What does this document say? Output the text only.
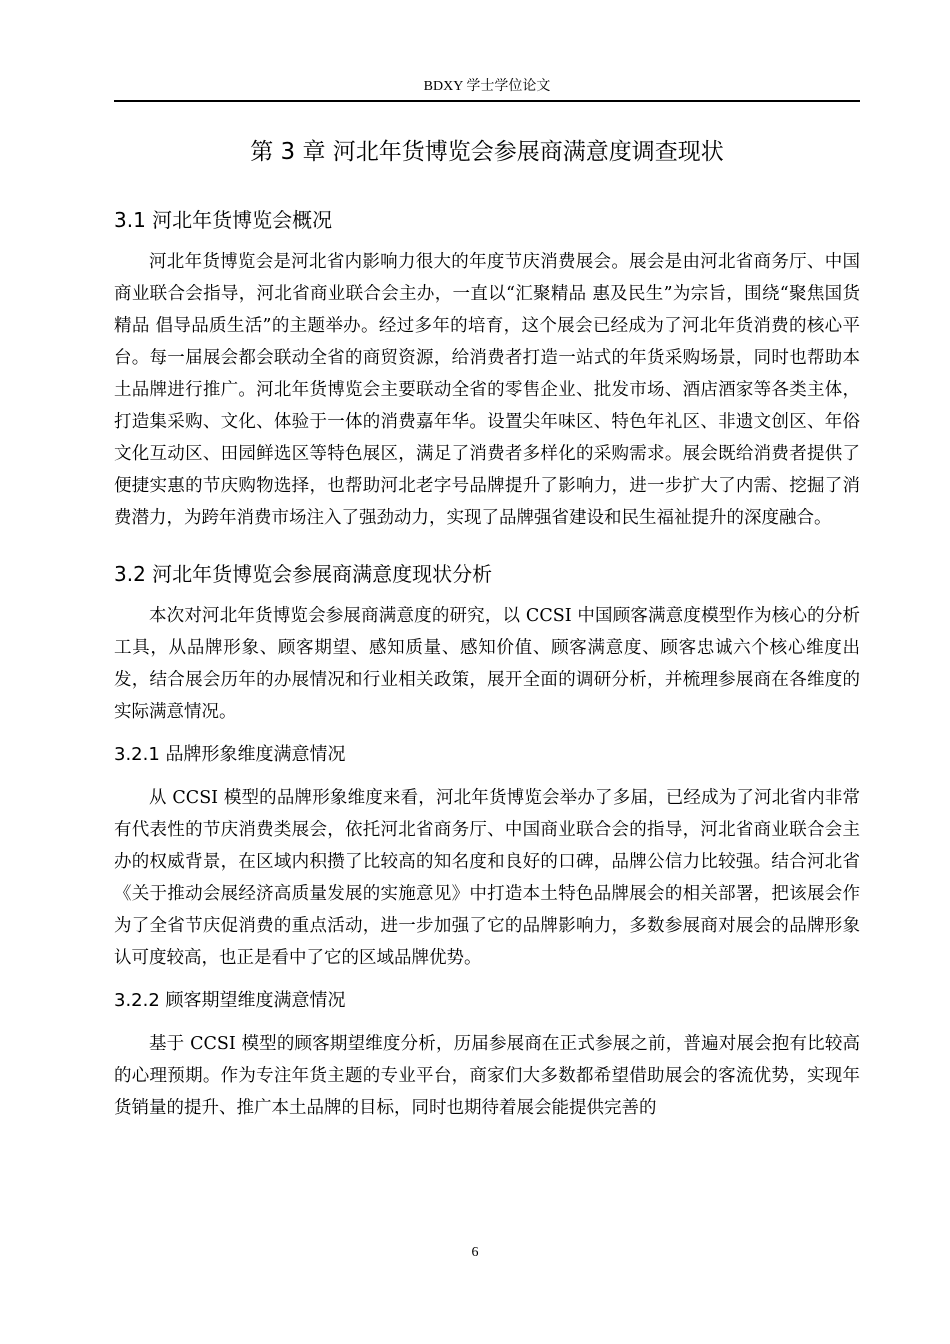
BDXY 学士学位论文
第 3 章 河北年货博览会参展商满意度调查现状
3.1 河北年货博览会概况

河北年货博览会是河北省内影响力很大的年度节庆消费展会。展会是由河北省商务厅、中国商业联合会指导，河北省商业联合会主办，一直以“汇聚精品 惠及民生”为宗旨，围绕“聚焦国货精品 倡导品质生活”的主题举办。经过多年的培育，这个展会已经成为了河北年货消费的核心平台。每一届展会都会联动全省的商贸资源，给消费者打造一站式的年货采购场景，同时也帮助本土品牌进行推广。河北年货博览会主要联动全省的零售企业、批发市场、酒店酒家等各类主体，打造集采购、文化、体验于一体的消费嘉年华。设置尖年味区、特色年礼区、非遗文创区、年俗文化互动区、田园鲜选区等特色展区，满足了消费者多样化的采购需求。展会既给消费者提供了便捷实惠的节庆购物选择，也帮助河北老字号品牌提升了影响力，进一步扩大了内需、挖掘了消费潜力，为跨年消费市场注入了强劲动力，实现了品牌强省建设和民生福祉提升的深度融合。

3.2 河北年货博览会参展商满意度现状分析

本次对河北年货博览会参展商满意度的研究，以 CCSI 中国顾客满意度模型作为核心的分析工具，从品牌形象、顾客期望、感知质量、感知价值、顾客满意度、顾客忠诚六个核心维度出发，结合展会历年的办展情况和行业相关政策，展开全面的调研分析，并梳理参展商在各维度的实际满意情况。

3.2.1 品牌形象维度满意情况

从 CCSI 模型的品牌形象维度来看，河北年货博览会举办了多届，已经成为了河北省内非常有代表性的节庆消费类展会，依托河北省商务厅、中国商业联合会的指导，河北省商业联合会主办的权威背景，在区域内积攒了比较高的知名度和良好的口碑，品牌公信力比较强。结合河北省《关于推动会展经济高质量发展的实施意见》中打造本土特色品牌展会的相关部署，把该展会作为了全省节庆促消费的重点活动，进一步加强了它的品牌影响力，多数参展商对展会的品牌形象认可度较高，也正是看中了它的区域品牌优势。

3.2.2 顾客期望维度满意情况

基于 CCSI 模型的顾客期望维度分析，历届参展商在正式参展之前，普遍对展会抱有比较高的心理预期。作为专注年货主题的专业平台，商家们大多数都希望借助展会的客流优势，实现年货销量的提升、推广本土品牌的目标，同时也期待着展会能提供完善的

6
